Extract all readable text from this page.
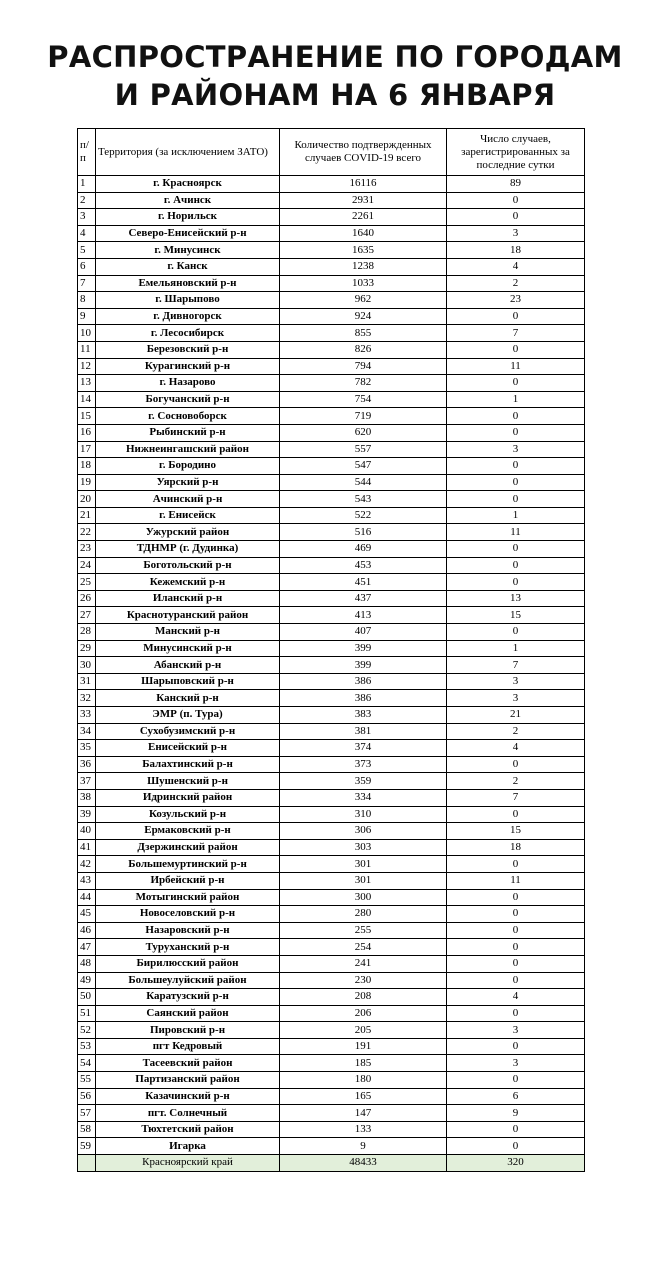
РАСПРОСТРАНЕНИЕ ПО ГОРОДАМ
И РАЙОНАМ НА 6 ЯНВАРЯ
п/п	Территория (за исключением ЗАТО)	Количество подтвержденных случаев COVID-19 всего	Число случаев, зарегистрированных за последние сутки
1	г. Красноярск	16116	89
2	г. Ачинск	2931	0
3	г. Норильск	2261	0
4	Северо-Енисейский р-н	1640	3
5	г. Минусинск	1635	18
6	г. Канск	1238	4
7	Емельяновский р-н	1033	2
8	г. Шарыпово	962	23
9	г. Дивногорск	924	0
10	г. Лесосибирск	855	7
11	Березовский р-н	826	0
12	Курагинский р-н	794	11
13	г. Назарово	782	0
14	Богучанский р-н	754	1
15	г. Сосновоборск	719	0
16	Рыбинский р-н	620	0
17	Нижнеингашский район	557	3
18	г. Бородино	547	0
19	Уярский р-н	544	0
20	Ачинский р-н	543	0
21	г. Енисейск	522	1
22	Ужурский район	516	11
23	ТДНМР (г. Дудинка)	469	0
24	Боготольский р-н	453	0
25	Кежемский р-н	451	0
26	Иланский р-н	437	13
27	Краснотуранский район	413	15
28	Манский р-н	407	0
29	Минусинский р-н	399	1
30	Абанский р-н	399	7
31	Шарыповский р-н	386	3
32	Канский р-н	386	3
33	ЭМР (п. Тура)	383	21
34	Сухобузимский р-н	381	2
35	Енисейский р-н	374	4
36	Балахтинский р-н	373	0
37	Шушенский р-н	359	2
38	Идринский район	334	7
39	Козульский р-н	310	0
40	Ермаковский р-н	306	15
41	Дзержинский район	303	18
42	Большемуртинский р-н	301	0
43	Ирбейский р-н	301	11
44	Мотыгинский район	300	0
45	Новоселовский р-н	280	0
46	Назаровский р-н	255	0
47	Туруханский р-н	254	0
48	Бирилюсский район	241	0
49	Большеулуйский район	230	0
50	Каратузский р-н	208	4
51	Саянский район	206	0
52	Пировский р-н	205	3
53	пгт Кедровый	191	0
54	Тасеевский район	185	3
55	Партизанский район	180	0
56	Казачинский р-н	165	6
57	пгт. Солнечный	147	9
58	Тюхтетский район	133	0
59	Игарка	9	0
	Красноярский край	48433	320
